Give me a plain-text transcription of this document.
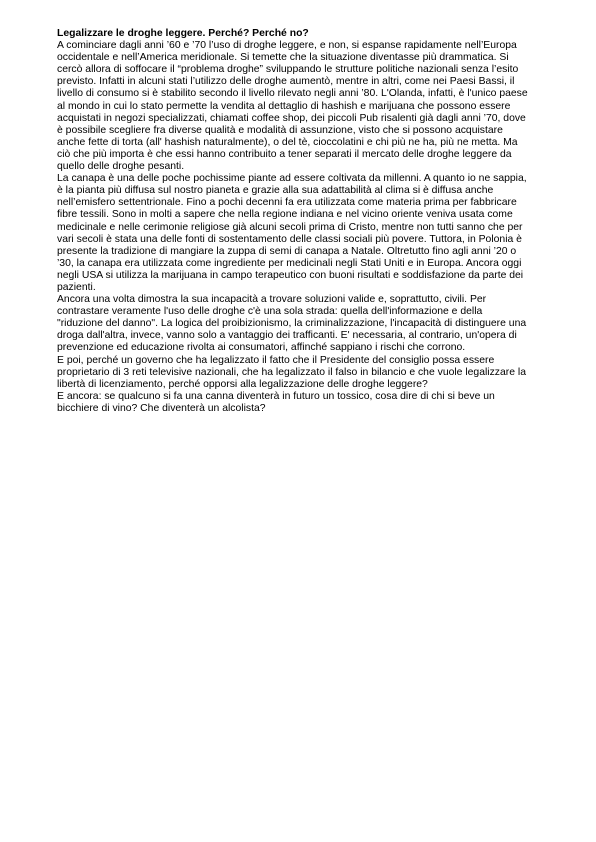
Legalizzare le droghe leggere. Perché? Perché no?

A cominciare dagli anni ’60 e ’70 l’uso di droghe leggere, e non, si espanse rapidamente nell’Europa occidentale e nell’America meridionale. Si temette che la situazione diventasse più drammatica. Si cercò allora di soffocare il “problema droghe” sviluppando le strutture politiche nazionali senza l’esito previsto. Infatti in alcuni stati l’utilizzo delle droghe aumentò, mentre in altri, come nei Paesi Bassi, il livello di consumo si è stabilito secondo il livello rilevato negli anni ’80. L'Olanda, infatti, è l'unico paese al mondo in cui lo stato permette la vendita al dettaglio di hashish e marijuana che possono essere acquistati in negozi specializzati, chiamati coffee shop, dei piccoli Pub risalenti già dagli anni ’70, dove è possibile scegliere fra diverse qualità e modalità di assunzione, visto che si possono acquistare anche fette di torta (all' hashish naturalmente), o del tè, cioccolatini e chi più ne ha, più ne metta. Ma ciò che più importa è che essi hanno contribuito a tener separati il mercato delle droghe leggere da quello delle droghe pesanti.

La canapa è una delle poche pochissime piante ad essere coltivata da millenni. A quanto io ne sappia, è la pianta più diffusa sul nostro pianeta e grazie alla sua adattabilità al clima si è diffusa anche nell’emisfero settentrionale. Fino a pochi decenni fa era utilizzata come materia prima per fabbricare fibre tessili. Sono in molti a sapere che nella regione indiana e nel vicino oriente veniva usata come medicinale e nelle cerimonie religiose già alcuni secoli prima di Cristo, mentre non tutti sanno che per vari secoli è stata una delle fonti di sostentamento delle classi sociali più povere. Tuttora, in Polonia è presente la tradizione di mangiare la zuppa di semi di canapa a Natale. Oltretutto fino agli anni ’20 o ’30, la canapa era utilizzata come ingrediente per medicinali negli Stati Uniti e in Europa. Ancora oggi negli USA si utilizza la marijuana in campo terapeutico con buoni risultati e soddisfazione da parte dei pazienti.

Ancora una volta dimostra la sua incapacità a trovare soluzioni valide e, soprattutto, civili. Per contrastare veramente l'uso delle droghe c'è una sola strada: quella dell'informazione e della "riduzione del danno". La logica del proibizionismo, la criminalizzazione, l'incapacità di distinguere una droga dall'altra, invece, vanno solo a vantaggio dei trafficanti. E' necessaria, al contrario, un'opera di prevenzione ed educazione rivolta ai consumatori, affinché sappiano i rischi che corrono.

E poi, perché un governo che ha legalizzato il fatto che il Presidente del consiglio possa essere proprietario di 3 reti televisive nazionali, che ha legalizzato il falso in bilancio e che vuole legalizzare la libertà di licenziamento, perché opporsi alla legalizzazione delle droghe leggere?

E ancora: se qualcuno si fa una canna diventerà in futuro un tossico, cosa dire di chi si beve un bicchiere di vino? Che diventerà un alcolista?
